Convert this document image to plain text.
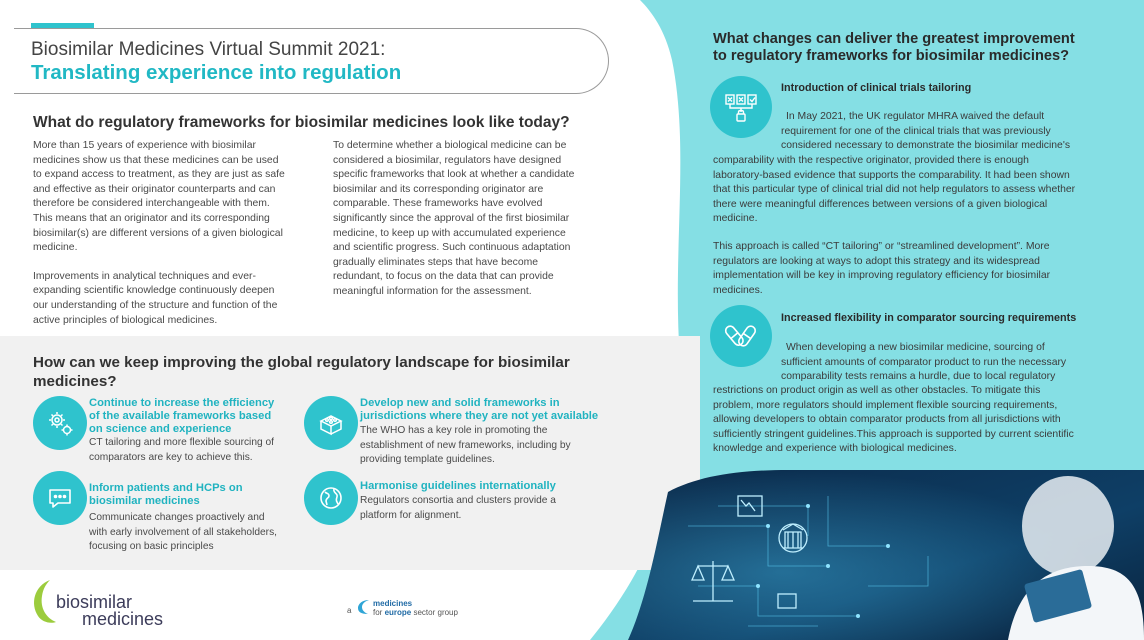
Biosimilar Medicines Virtual Summit 2021:
Translating experience into regulation
What do regulatory frameworks for biosimilar medicines look like today?
More than 15 years of experience with biosimilar
medicines show us that these medicines can be used
to expand access to treatment, as they are just as safe
and effective as their originator counterparts and can
therefore be considered interchangeable with them.
This means that an originator and its corresponding
biosimilar(s) are different versions of a given biological
medicine.
Improvements in analytical techniques and ever-
expanding scientific knowledge continuously deepen
our understanding of the structure and function of the
active principles of biological medicines.
To determine whether a biological medicine can be
considered a biosimilar, regulators have designed
specific frameworks that look at whether a candidate
biosimilar and its corresponding originator are
comparable. These frameworks have evolved
significantly since the approval of the first biosimilar
medicine, to keep up with accumulated experience
and scientific progress. Such continuous adaptation
gradually eliminates steps that have become
redundant, to focus on the data that can provide
meaningful information for the assessment.
How can we keep improving the global regulatory landscape for biosimilar
medicines?
Continue to increase the efficiency
of the available frameworks based
on science and experience
CT tailoring and more flexible sourcing of
comparators are key to achieve this.
Develop new and solid frameworks in
jurisdictions where they are not yet available
The WHO has a key role in promoting the
establishment of new frameworks, including by
providing template guidelines.
Inform patients and HCPs on
biosimilar medicines
Communicate changes proactively and
with early involvement of all stakeholders,
focusing on basic principles
Harmonise guidelines internationally
Regulators consortia and clusters provide a
platform for alignment.
biosimilar
medicines	a
medicines
for europe sector group
What changes can deliver the greatest improvement
to regulatory frameworks for biosimilar medicines?
Introduction of clinical trials tailoring
In May 2021, the UK regulator MHRA waived the default
requirement for one of the clinical trials that was previously
considered necessary to demonstrate the biosimilar medicine's
comparability with the respective originator, provided there is enough
laboratory-based evidence that supports the comparability. It had been shown
that this particular type of clinical trial did not help regulators to assess whether
there were meaningful differences between versions of a given biological
medicine.
This approach is called “CT tailoring” or “streamlined development”. More
regulators are looking at ways to adopt this strategy and its widespread
implementation will be key in improving regulatory efficiency for biosimilar
medicines.
Increased flexibility in comparator sourcing requirements
When developing a new biosimilar medicine, sourcing of
sufficient amounts of comparator product to run the necessary
comparability tests remains a hurdle, due to local regulatory
restrictions on product origin as well as other obstacles. To mitigate this
problem, more regulators should implement flexible sourcing requirements,
allowing developers to obtain comparator products from all jurisdictions with
sufficiently stringent guidelines.This approach is supported by current scientific
knowledge and experience with biological medicines.
